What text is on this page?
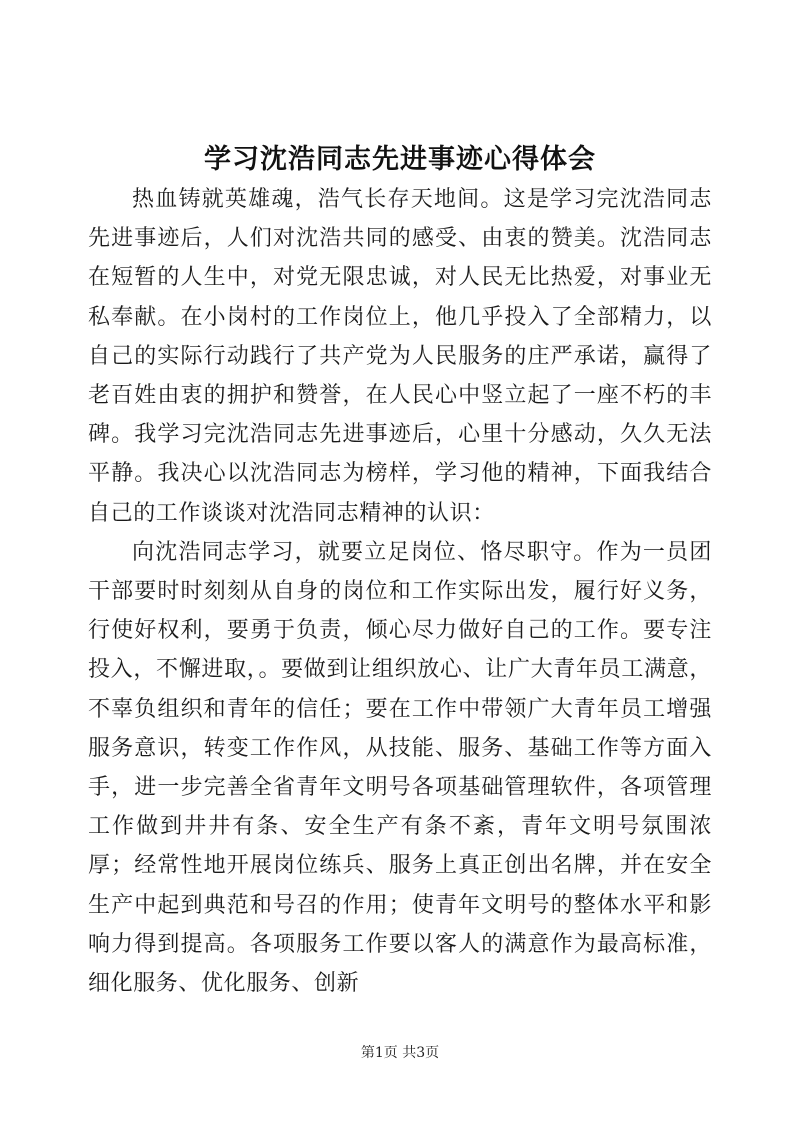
学习沈浩同志先进事迹心得体会

热血铸就英雄魂，浩气长存天地间。这是学习完沈浩同志先进事迹后，人们对沈浩共同的感受、由衷的赞美。沈浩同志在短暂的人生中，对党无限忠诚，对人民无比热爱，对事业无私奉献。在小岗村的工作岗位上，他几乎投入了全部精力，以自己的实际行动践行了共产党为人民服务的庄严承诺，赢得了老百姓由衷的拥护和赞誉，在人民心中竖立起了一座不朽的丰碑。我学习完沈浩同志先进事迹后，心里十分感动，久久无法平静。我决心以沈浩同志为榜样，学习他的精神，下面我结合自己的工作谈谈对沈浩同志精神的认识：

向沈浩同志学习，就要立足岗位、恪尽职守。作为一员团干部要时时刻刻从自身的岗位和工作实际出发，履行好义务，行使好权利，要勇于负责，倾心尽力做好自己的工作。要专注投入，不懈进取，。要做到让组织放心、让广大青年员工满意，不辜负组织和青年的信任；要在工作中带领广大青年员工增强服务意识，转变工作作风，从技能、服务、基础工作等方面入手，进一步完善全省青年文明号各项基础管理软件，各项管理工作做到井井有条、安全生产有条不紊，青年文明号氛围浓厚；经常性地开展岗位练兵、服务上真正创出名牌，并在安全生产中起到典范和号召的作用；使青年文明号的整体水平和影响力得到提高。各项服务工作要以客人的满意作为最高标准，细化服务、优化服务、创新

第1页 共3页
